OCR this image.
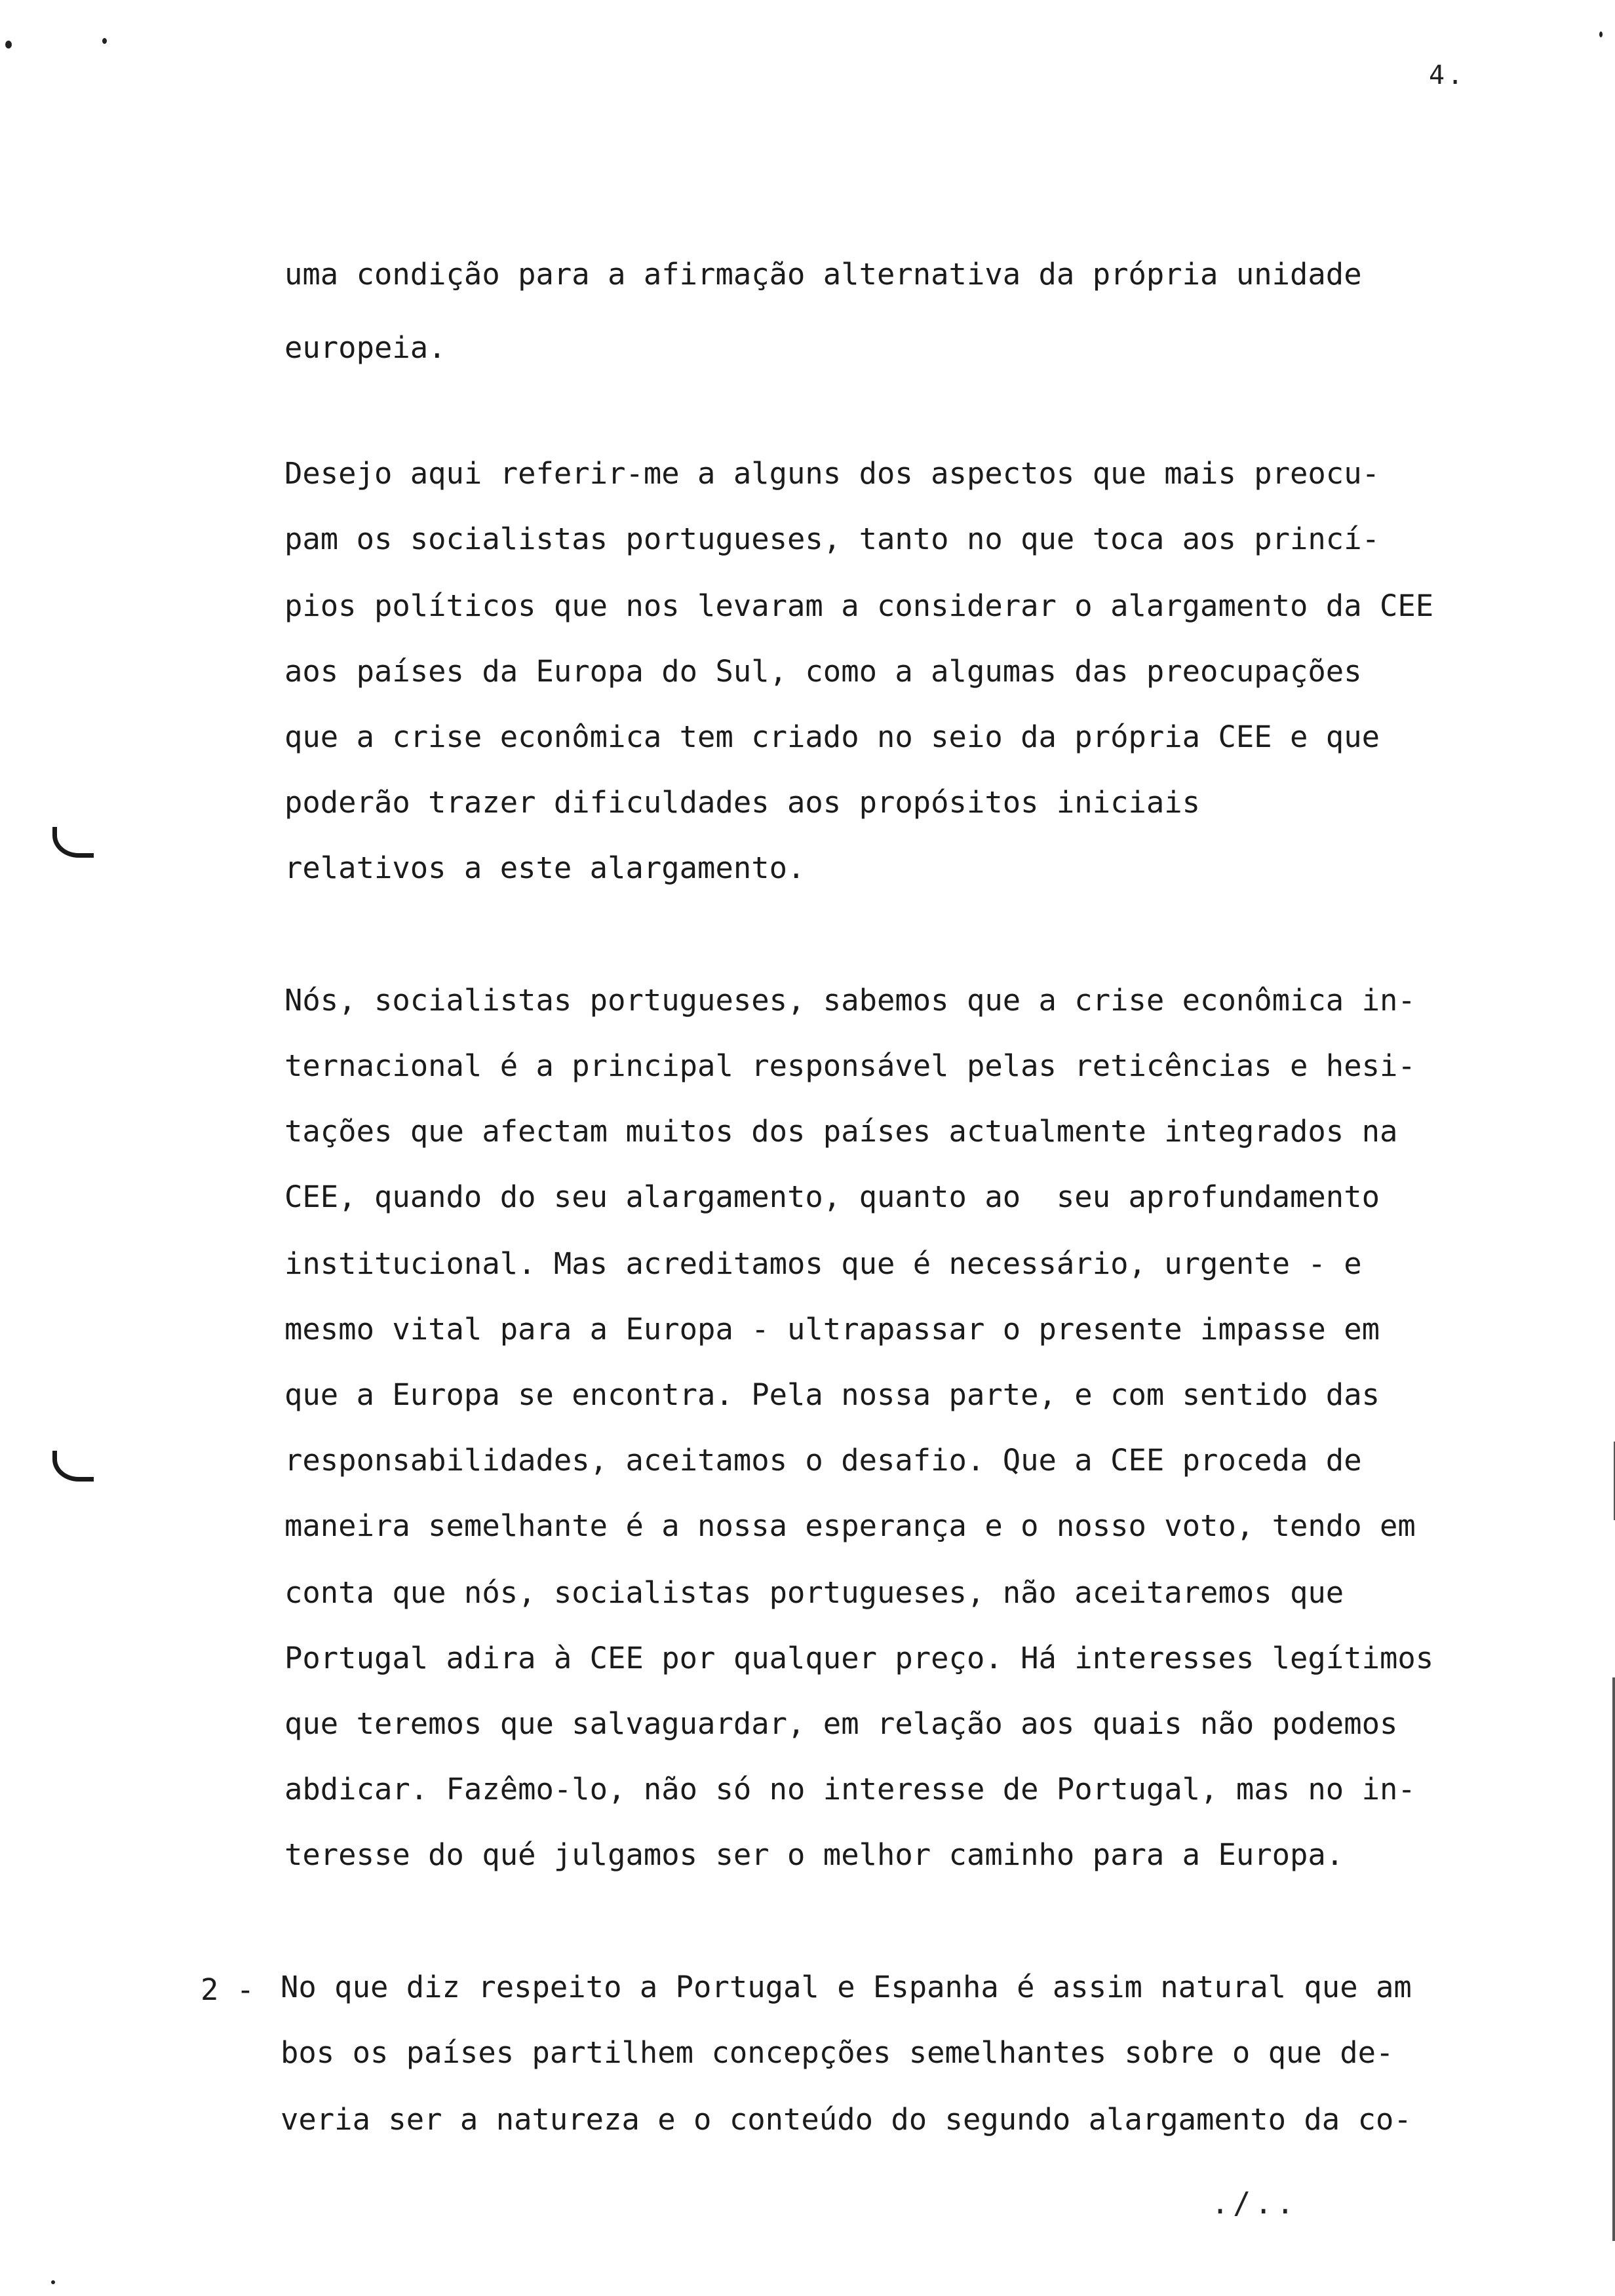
4.
uma condição para a afirmação alternativa da própria unidade
europeia.
Desejo aqui referir-me a alguns dos aspectos que mais preocu-
pam os socialistas portugueses, tanto no que toca aos princí-
pios políticos que nos levaram a considerar o alargamento da CEE
aos países da Europa do Sul, como a algumas das preocupações
que a crise econômica tem criado no seio da própria CEE e que
poderão trazer dificuldades aos propósitos iniciais
relativos a este alargamento.
Nós, socialistas portugueses, sabemos que a crise econômica in-
ternacional é a principal responsável pelas reticências e hesi-
tações que afectam muitos dos países actualmente integrados na
CEE, quando do seu alargamento, quanto ao  seu aprofundamento
institucional. Mas acreditamos que é necessário, urgente - e
mesmo vital para a Europa - ultrapassar o presente impasse em
que a Europa se encontra. Pela nossa parte, e com sentido das
responsabilidades, aceitamos o desafio. Que a CEE proceda de
maneira semelhante é a nossa esperança e o nosso voto, tendo em
conta que nós, socialistas portugueses, não aceitaremos que
Portugal adira à CEE por qualquer preço. Há interesses legítimos
que teremos que salvaguardar, em relação aos quais não podemos
abdicar. Fazêmo-lo, não só no interesse de Portugal, mas no in-
teresse do qué julgamos ser o melhor caminho para a Europa.
2 - No que diz respeito a Portugal e Espanha é assim natural que am
bos os países partilhem concepções semelhantes sobre o que de-
veria ser a natureza e o conteúdo do segundo alargamento da co-
./..
